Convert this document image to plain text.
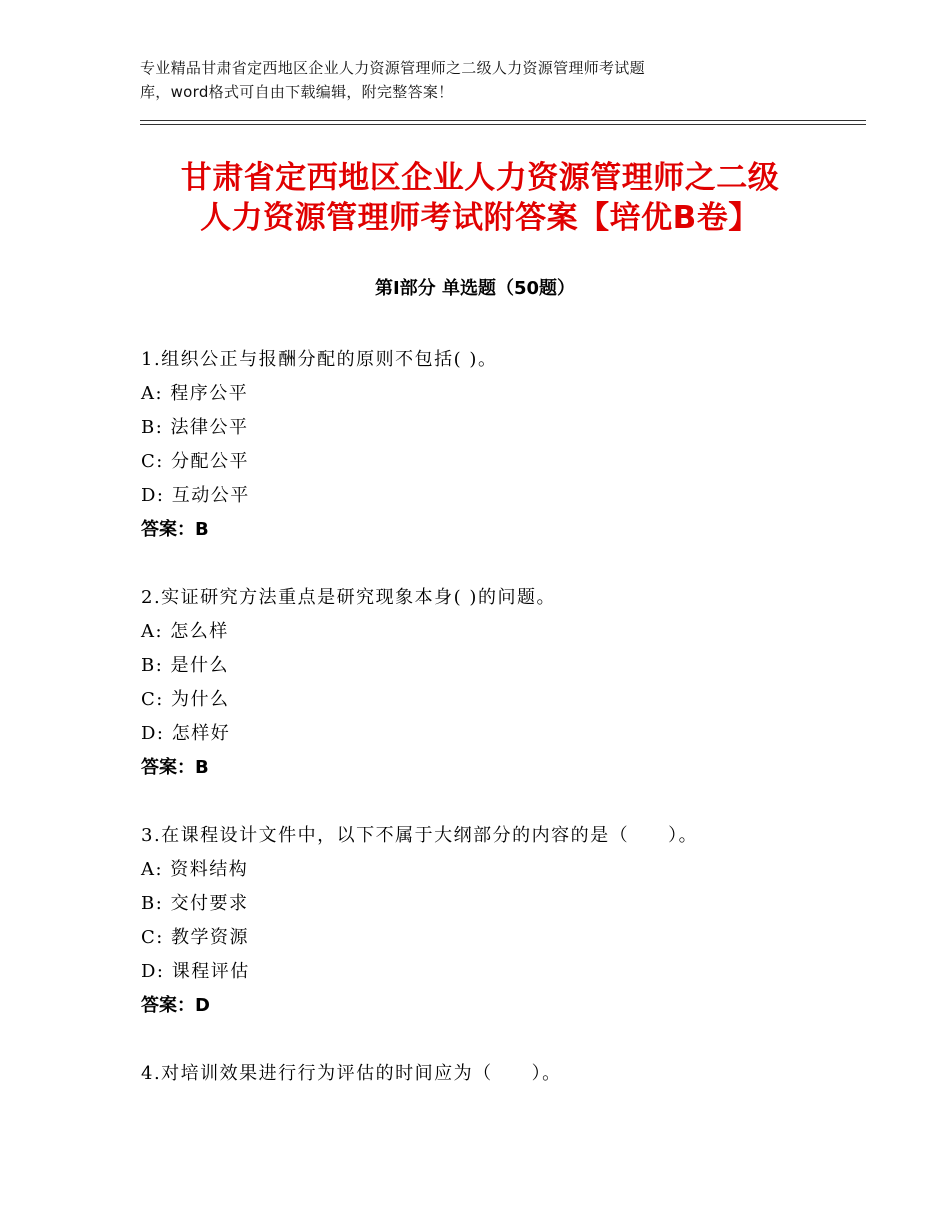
专业精品甘肃省定西地区企业人力资源管理师之二级人力资源管理师考试题
库，word格式可自由下载编辑，附完整答案！
甘肃省定西地区企业人力资源管理师之二级
人力资源管理师考试附答案【培优B卷】
第Ⅰ部分 单选题（50题）
1.组织公正与报酬分配的原则不包括( )。
A: 程序公平
B: 法律公平
C: 分配公平
D: 互动公平
答案：B
2.实证研究方法重点是研究现象本身( )的问题。
A: 怎么样
B: 是什么
C: 为什么
D: 怎样好
答案：B
3.在课程设计文件中，以下不属于大纲部分的内容的是（　　）。
A: 资料结构
B: 交付要求
C: 教学资源
D: 课程评估
答案：D
4.对培训效果进行行为评估的时间应为（　　）。
